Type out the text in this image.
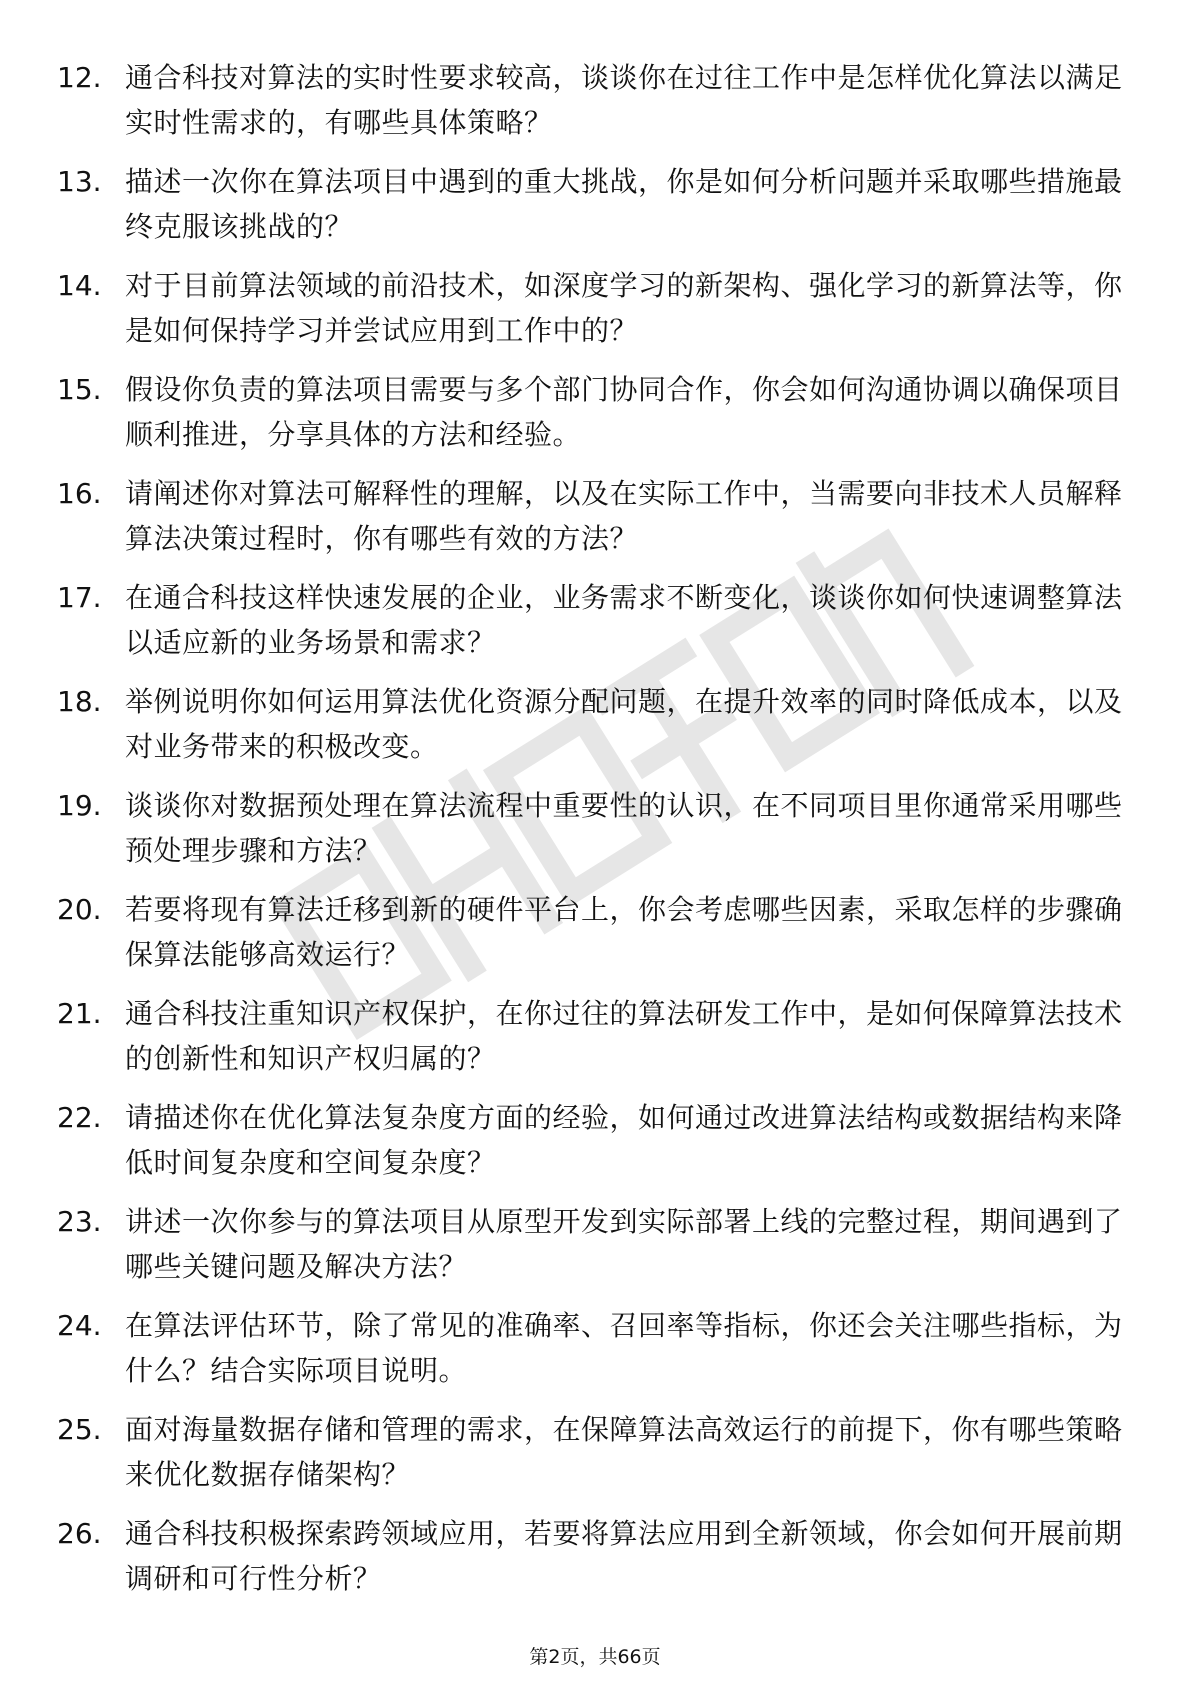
12. 通合科技对算法的实时性要求较高，谈谈你在过往工作中是怎样优化算法以满足实时性需求的，有哪些具体策略？
13. 描述一次你在算法项目中遇到的重大挑战，你是如何分析问题并采取哪些措施最终克服该挑战的？
14. 对于目前算法领域的前沿技术，如深度学习的新架构、强化学习的新算法等，你是如何保持学习并尝试应用到工作中的？
15. 假设你负责的算法项目需要与多个部门协同合作，你会如何沟通协调以确保项目顺利推进，分享具体的方法和经验。
16. 请阐述你对算法可解释性的理解，以及在实际工作中，当需要向非技术人员解释算法决策过程时，你有哪些有效的方法？
17. 在通合科技这样快速发展的企业，业务需求不断变化，谈谈你如何快速调整算法以适应新的业务场景和需求？
18. 举例说明你如何运用算法优化资源分配问题，在提升效率的同时降低成本，以及对业务带来的积极改变。
19. 谈谈你对数据预处理在算法流程中重要性的认识，在不同项目里你通常采用哪些预处理步骤和方法？
20. 若要将现有算法迁移到新的硬件平台上，你会考虑哪些因素，采取怎样的步骤确保算法能够高效运行？
21. 通合科技注重知识产权保护，在你过往的算法研发工作中，是如何保障算法技术的创新性和知识产权归属的？
22. 请描述你在优化算法复杂度方面的经验，如何通过改进算法结构或数据结构来降低时间复杂度和空间复杂度？
23. 讲述一次你参与的算法项目从原型开发到实际部署上线的完整过程，期间遇到了哪些关键问题及解决方法？
24. 在算法评估环节，除了常见的准确率、召回率等指标，你还会关注哪些指标，为什么？结合实际项目说明。
25. 面对海量数据存储和管理的需求，在保障算法高效运行的前提下，你有哪些策略来优化数据存储架构？
26. 通合科技积极探索跨领域应用，若要将算法应用到全新领域，你会如何开展前期调研和可行性分析？
第2页，共66页
